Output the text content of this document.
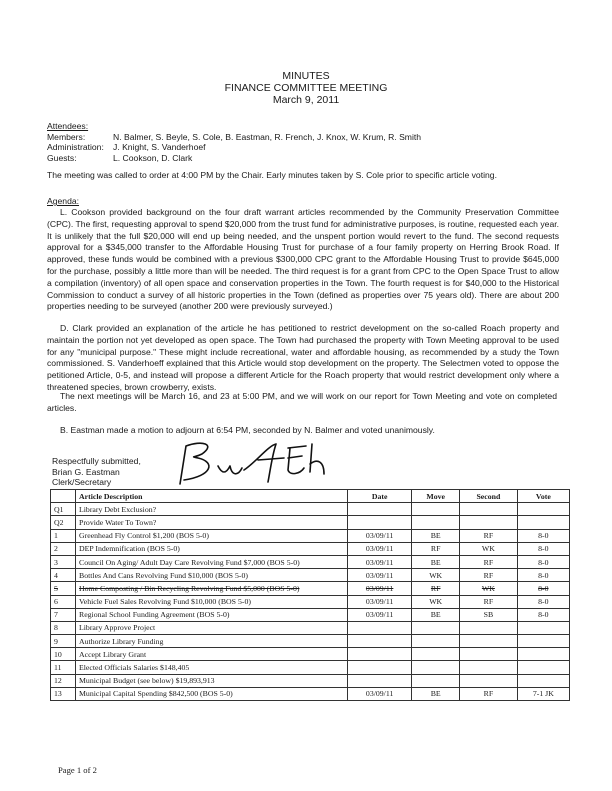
MINUTES
FINANCE COMMITTEE MEETING
March 9, 2011
Attendees:
Members:	N. Balmer, S. Beyle, S. Cole, B. Eastman, R. French, J. Knox, W. Krum, R. Smith
Administration: J. Knight, S. Vanderhoef
Guests:	L. Cookson, D. Clark
The meeting was called to order at 4:00 PM by the Chair. Early minutes taken by S. Cole prior to specific article voting.
Agenda:
L. Cookson provided background on the four draft warrant articles recommended by the Community Preservation Committee (CPC). The first, requesting approval to spend $20,000 from the trust fund for administrative purposes, is routine, requested each year. It is unlikely that the full $20,000 will end up being needed, and the unspent portion would revert to the fund. The second requests approval for a $345,000 transfer to the Affordable Housing Trust for purchase of a four family property on Herring Brook Road. If approved, these funds would be combined with a previous $300,000 CPC grant to the Affordable Housing Trust to provide $645,000 for the purchase, possibly a little more than will be needed. The third request is for a grant from CPC to the Open Space Trust to allow a compilation (inventory) of all open space and conservation properties in the Town. The fourth request is for $40,000 to the Historical Commission to conduct a survey of all historic properties in the Town (defined as properties over 75 years old). There are about 200 properties needing to be surveyed (another 200 were previously surveyed.)
D. Clark provided an explanation of the article he has petitioned to restrict development on the so-called Roach property and maintain the portion not yet developed as open space. The Town had purchased the property with Town Meeting approval to be used for any "municipal purpose." These might include recreational, water and affordable housing, as recommended by a study the Town commissioned. S. Vanderhoeff explained that this Article would stop development on the property. The Selectmen voted to oppose the petitioned Article, 0-5, and instead will propose a different Article for the Roach property that would restrict development only where a threatened species, brown crowberry, exists.
The next meetings will be March 16, and 23 at 5:00 PM, and we will work on our report for Town Meeting and vote on completed articles.
B. Eastman made a motion to adjourn at 6:54 PM, seconded by N. Balmer and voted unanimously.
Respectfully submitted,
Brian G. Eastman
Clerk/Secretary
	Article Description	Date	Move	Second	Vote
Q1	Library Debt Exclusion?				
Q2	Provide Water To Town?				
1	Greenhead Fly Control $1,200 (BOS 5-0)	03/09/11	BE	RF	8-0
2	DEP Indemnification (BOS 5-0)	03/09/11	RF	WK	8-0
3	Council On Aging/ Adult Day Care Revolving Fund $7,000 (BOS 5-0)	03/09/11	BE	RF	8-0
4	Bottles And Cans Revolving Fund $10,000 (BOS 5-0)	03/09/11	WK	RF	8-0
5	Home Composting / Bin Recycling Revolving Fund $5,000 (BOS 5-0)	03/09/11	RF	WK	8-0
6	Vehicle Fuel Sales Revolving Fund $10,000 (BOS 5-0)	03/09/11	WK	RF	8-0
7	Regional School Funding Agreement (BOS 5-0)	03/09/11	BE	SB	8-0
8	Library Approve Project				
9	Authorize Library Funding				
10	Accept Library Grant				
11	Elected Officials Salaries $148,405				
12	Municipal Budget (see below) $19,893,913				
13	Municipal Capital Spending $842,500 (BOS 5-0)	03/09/11	BE	RF	7-1 JK
Page 1 of 2
